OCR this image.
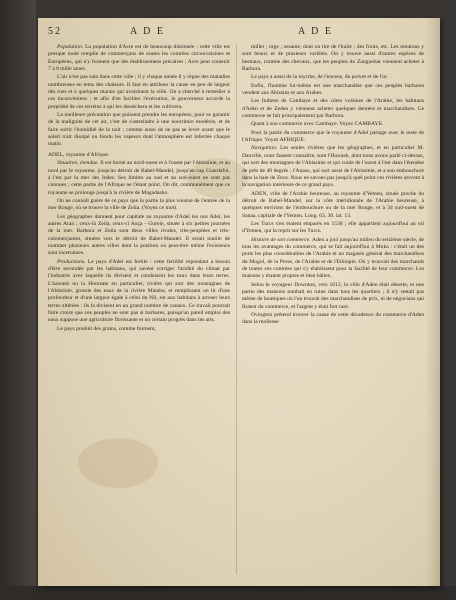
52	A D E	A D E

Population. La population d'Acre est de beaucoup diminuée : cette ville est presque toute remplie de commerçans de toutes les contrées circonvoisines et Européens, qui n'y forment que des établissemens précaires ; Acre peut contenir 7 à 8 mille ames.

L'air n'est pas sain dans cette ville ; il y chaque année il y règne des maladies nombreuses en tems des chaleurs. Il faut en attribuer la cause en peu de largeur des rues et à quelques marais qui avoisinent la ville. On a cherché à remédier à ces inconvéniens ; et afin d'en faciliter l'exécution, le gouverneur accorde la propriété de ces terreins à qui les desséchera et les cultivera.

La meilleure précaution que puissent prendre les européens, pour se garantir de la malignité de cet air, c'est de s'astreindre à une nourriture modérée, et de faire sortir l'humidité de la nuit ; comme aussi de ne pas se lever avant que le soleil n'ait dissipé ou fondu les vapeurs dont l'atmosphère est infectée chaque matin.

ADEL, royaume d'Afrique.

Situation, étendue. Il est borné au nord-ouest et à l'ouest par l'Abissinie, et au nord par le royaume, jusqu'au détroit de Babel-Mandel, jusqu'au cap Guardafui, à l'est par la mer des Indes. Ses limites au sud et au sud-ouest ne sont pas connues ; cette partie de l'Afrique ne l'étant point. On dit, communément que ce royaume se prolonge jusqu'à la rivière de Magadasho.

On ne connaît guère de ce pays que la partie la plus voisine de l'entrée de la mer Rouge, où se trouve la ville de Zeila. (Voyez ce mot).

Les géographes donnent pour capitale au royaume d'Adel les uns Adel, les autres Aran ; ceux-là Zeila, ceux-ci Auça - Gurele, située à six petites journées de la mer. Barbora et Zeila sont deux villes rivales, très-peuplées et très-commerçantes, situées vers le détroit de Babel-Mandel. Il serait inutile de nommer plusieurs autres villes dont la position ou peut-être même l'existence sont incertaines.

Productions. Le pays d'Adel est fertile : cette fertilité cependant a besoin d'être secondée par les habitans, qui savent corriger l'aridité du climat par l'industrie avec laquelle ils divisent et conduisent les eaux dans leurs terres. L'hawash ou la Hoorsate en particulier, rivière qui sort des montagnes de l'Abissinie, grossie des eaux de la rivière Mataha, et remplissant un lit d'une profondeur et d'une largeur égale à celui du Nil, est aux habitans à arroser leurs terres altérées : ils la divisent en un grand nombre de canaux. Ce travail pourrait faire croire que ces peuples ne sont pas si barbares, puisqu'un pareil emploi des eaux suppose une agriculture florissante et un certain progrès dans les arts.

Le pays produit des grains, comme froment,

millet ; orge ; sesame, dont on tire de l'huile ; des fruits, etc. Les moutons y sont beaux et de plusieurs variétés. On y trouve aussi d'autres espèces de bestiaux, comme des chevaux, que les peuples du Zanguebar viennent acheter à Barbora.

Le pays a aussi de la myrrhe, de l'encens, du poivre et de l'or.

Enfin, l'homme lui-même est une marchandise que ces peuples barbares vendent aux Abissins et aux Arabes.

Les Indiens de Cambaye et des côtes voisines de l'Arabie, les habitans d'Aden et de Zeden y viennent acheter quelques denrées et marchandises. Ce commerce se fait principalement par Barbora.

Quant à son commerce avec Cambaye. Voyez CAMBAYE.

Pour la partie du commerce que le royaume d'Adel partage avec le reste de l'Afrique. Voyez AFRIQUE.

Navigation. Les seules rivières que les géographes, et en particulier M. Danville, nous fassent connaître, sont l'Hawash, dont nous avons parlé ci-dessus, qui sort des montagnes de l'Abissinie et qui coule de l'ouest à l'est dans l'étendue de près de 40 degrés ; l'Anaso, qui sort aussi de l'Abissinie, et a son embouchure dans la baie de Zeca. Nous ne savons pas jusqu'à quel point ces rivières servent à la navigation intérieure de ce grand pays.

ADEN, ville de l'Arabie heureuse, au royaume d'Yemen, située proche du détroit de Babel-Mandel, sur la côte méridionale de l'Arabie heureuse, à quelques environs de l'embouchure ou de la mer Rouge, et à 34 sud-ouest de Sanaa, capitale de l'Yemen. Long. 63. 30. lat. 13.

Les Turcs s'en étaient emparés en 1538 ; elle appartient aujourd'hui au roi d'Yemen, qui la reprit sur les Turcs.

Histoire de son commerce. Aden a joui jusqu'au milieu du seizième siècle, de tous les avantages du commerce, qui se fait aujourd'hui à Moka : c'était un des ports les plus considérables de l'Arabie et un magasin général des marchandises du Mogol, de la Perse, de l'Arabie et de l'Ethiopie. On y trouvait des marchands de toutes ces contrées qui s'y établissent pour la facilité de leur commerce. Les maisons y étaient propres et bien bâties.

Selon le voyageur Downton, vers 1612, la ville d'Aden était déserte, et une partie des maisons tombait en ruine dans tous les quartiers ; il n'y restait pas même de boutiques où l'on trouvât des marchandises de prix, ni de négocians qui fissent du commerce, et l'argent y était fort rare.

Ovington prétend trouver la cause de cette décadence du commerce d'Aden dans la mollesse
